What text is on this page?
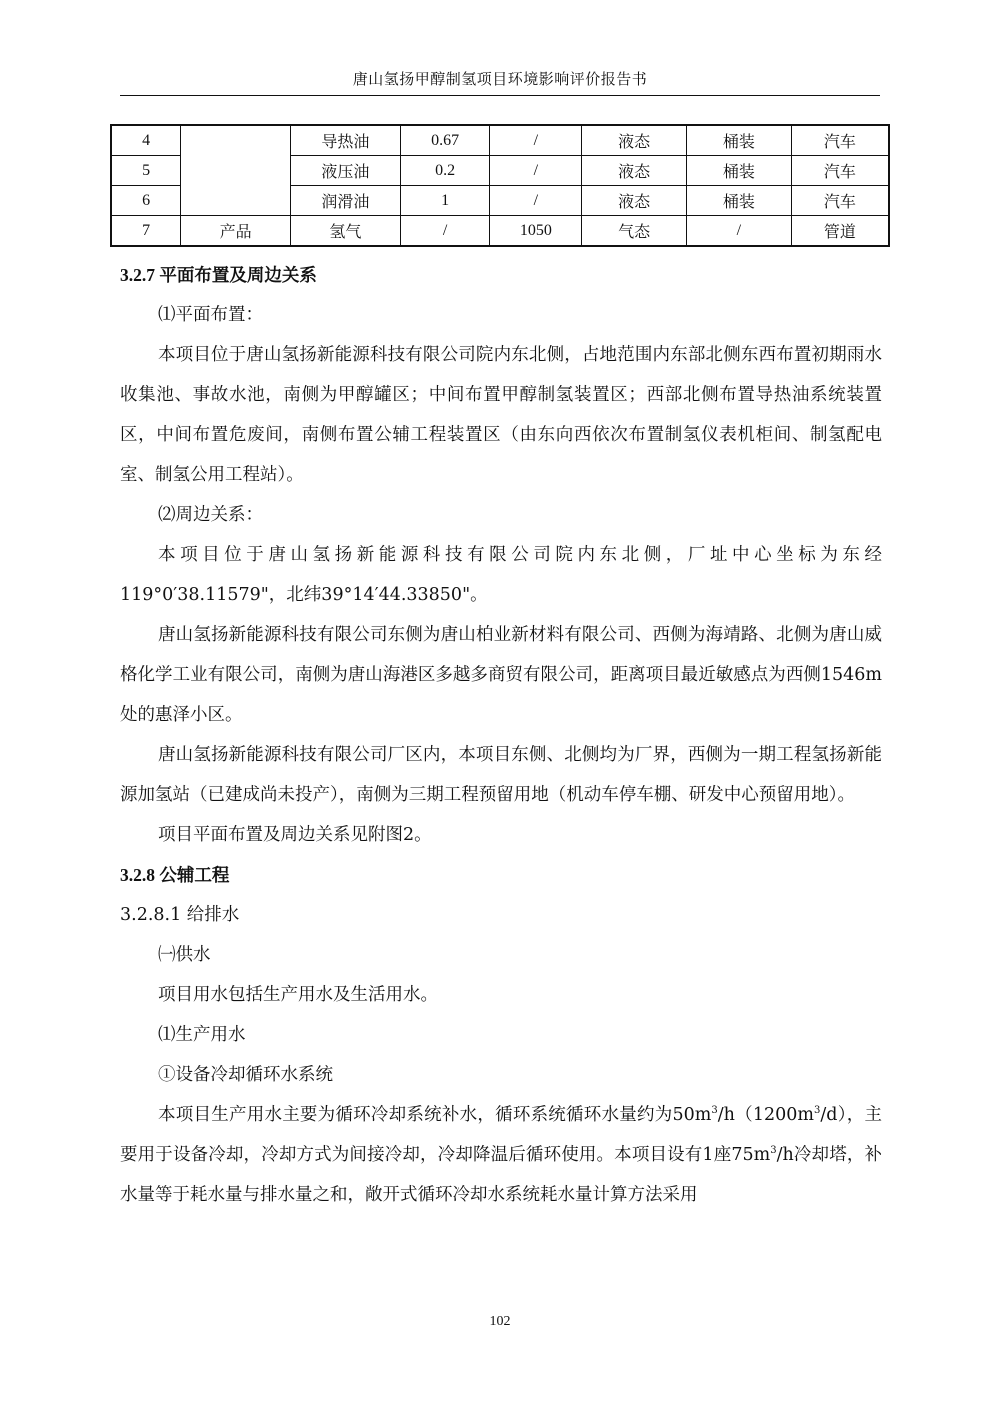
唐山氢扬甲醇制氢项目环境影响评价报告书
4		导热油	0.67	/	液态	桶装	汽车
5		液压油	0.2	/	液态	桶装	汽车
6		润滑油	1	/	液态	桶装	汽车
7	产品	氢气	/	1050	气态	/	管道
3.2.7 平面布置及周边关系
⑴平面布置：

本项目位于唐山氢扬新能源科技有限公司院内东北侧，占地范围内东部北侧东西布置初期雨水收集池、事故水池，南侧为甲醇罐区；中间布置甲醇制氢装置区；西部北侧布置导热油系统装置区，中间布置危废间，南侧布置公辅工程装置区（由东向西依次布置制氢仪表机柜间、制氢配电室、制氢公用工程站）。

⑵周边关系：

本项目位于唐山氢扬新能源科技有限公司院内东北侧，厂址中心坐标为东经119°0′38.11579"，北纬39°14′44.33850"。

唐山氢扬新能源科技有限公司东侧为唐山柏业新材料有限公司、西侧为海靖路、北侧为唐山威格化学工业有限公司，南侧为唐山海港区多越多商贸有限公司，距离项目最近敏感点为西侧1546m处的惠泽小区。

唐山氢扬新能源科技有限公司厂区内，本项目东侧、北侧均为厂界，西侧为一期工程氢扬新能源加氢站（已建成尚未投产），南侧为三期工程预留用地（机动车停车棚、研发中心预留用地）。

项目平面布置及周边关系见附图2。

3.2.8 公辅工程
3.2.8.1 给排水
㈠供水

项目用水包括生产用水及生活用水。

⑴生产用水
①设备冷却循环水系统

本项目生产用水主要为循环冷却系统补水，循环系统循环水量约为$50m^3/h(1200m^3/d)$，主要用于设备冷却，冷却方式为间接冷却，冷却降温后循环使用。本项目设有1座$75m^3/h$冷却塔，补水量等于耗水量与排水量之和，敞开式循环冷却水系统耗水量计算方法采用

102
